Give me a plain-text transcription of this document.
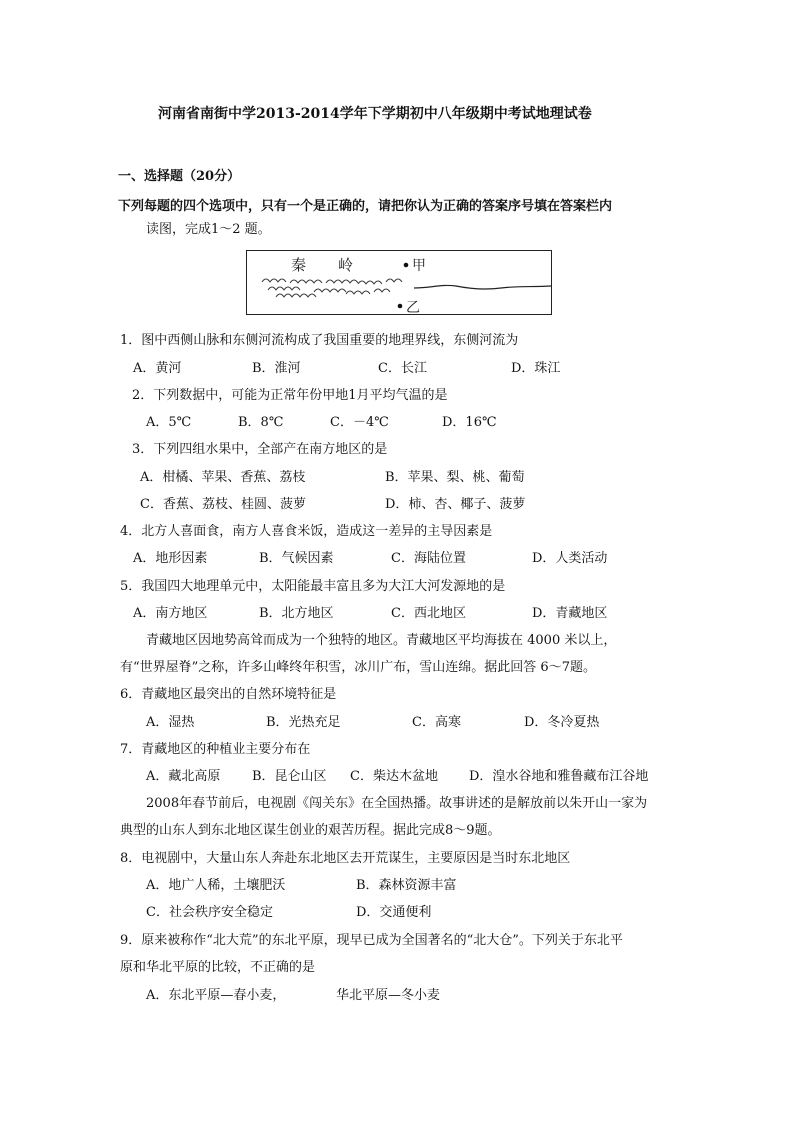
河南省南街中学2013-2014学年下学期初中八年级期中考试地理试卷
一、选择题（20分）
下列每题的四个选项中，只有一个是正确的，请把你认为正确的答案序号填在答案栏内
读图，完成1～2 题。
秦 岭	甲
乙
1．图中西侧山脉和东侧河流构成了我国重要的地理界线，东侧河流为
A．黄河	B．淮河	C．长江	D．珠江
2．下列数据中，可能为正常年份甲地1月平均气温的是
A．5℃	B．8℃	C．－4℃	D．16℃
3．下列四组水果中，全部产在南方地区的是
A．柑橘、苹果、香蕉、荔枝	B．苹果、梨、桃、葡萄
C．香蕉、荔枝、桂圆、菠萝	D．柿、杏、椰子、菠萝
4．北方人喜面食，南方人喜食米饭，造成这一差异的主导因素是
A．地形因素	B．气候因素	C．海陆位置	D．人类活动
5．我国四大地理单元中，太阳能最丰富且多为大江大河发源地的是
A．南方地区	B．北方地区	C．西北地区	D．青藏地区
青藏地区因地势高耸而成为一个独特的地区。青藏地区平均海拔在 4000 米以上，
有“世界屋脊”之称，许多山峰终年积雪，冰川广布，雪山连绵。据此回答 6～7题。
6．青藏地区最突出的自然环境特征是
A．湿热	B．光热充足	C．高寒	D．冬冷夏热
7．青藏地区的种植业主要分布在
A．藏北高原 B．昆仑山区 C．柴达木盆地 D．湟水谷地和雅鲁藏布江谷地
2008年春节前后，电视剧《闯关东》在全国热播。故事讲述的是解放前以朱开山一家为
典型的山东人到东北地区谋生创业的艰苦历程。据此完成8～9题。
8．电视剧中，大量山东人奔赴东北地区去开荒谋生，主要原因是当时东北地区
A．地广人稀，土壤肥沃	B．森林资源丰富
C．社会秩序安全稳定	D．交通便利
9．原来被称作“北大荒”的东北平原，现早已成为全国著名的“北大仓”。下列关于东北平
原和华北平原的比较，不正确的是
A．东北平原—春小麦，	华北平原—冬小麦
